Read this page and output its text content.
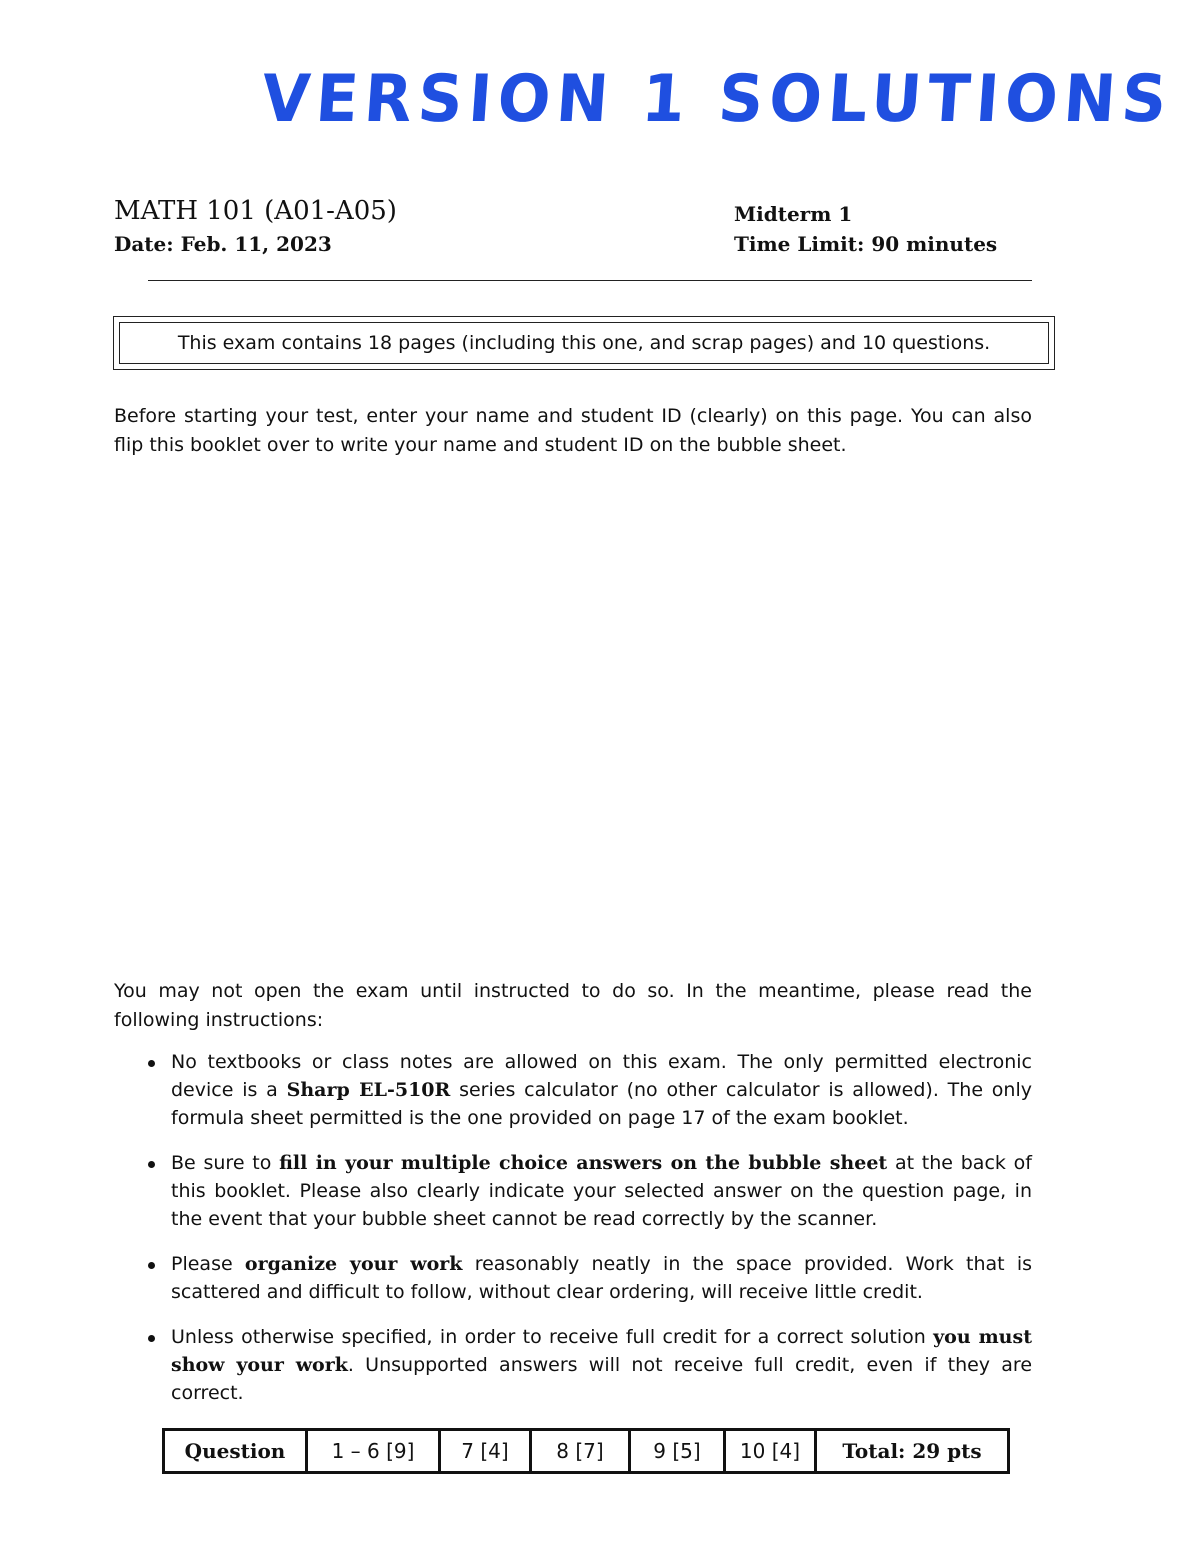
VERSION 1 SOLUTIONS
MATH 101 (A01-A05)
Date: Feb. 11, 2023
Midterm 1
Time Limit: 90 minutes
This exam contains 18 pages (including this one, and scrap pages) and 10 questions.
Before starting your test, enter your name and student ID (clearly) on this page. You can also flip this booklet over to write your name and student ID on the bubble sheet.
You may not open the exam until instructed to do so. In the meantime, please read the following instructions:
No textbooks or class notes are allowed on this exam. The only permitted electronic device is a Sharp EL-510R series calculator (no other calculator is allowed). The only formula sheet permitted is the one provided on page 17 of the exam booklet.
Be sure to fill in your multiple choice answers on the bubble sheet at the back of this booklet. Please also clearly indicate your selected answer on the question page, in the event that your bubble sheet cannot be read correctly by the scanner.
Please organize your work reasonably neatly in the space provided. Work that is scattered and difficult to follow, without clear ordering, will receive little credit.
Unless otherwise specified, in order to receive full credit for a correct solution you must show your work. Unsupported answers will not receive full credit, even if they are correct.
Question	1 – 6 [9]	7 [4]	8 [7]	9 [5]	10 [4]	Total: 29 pts
